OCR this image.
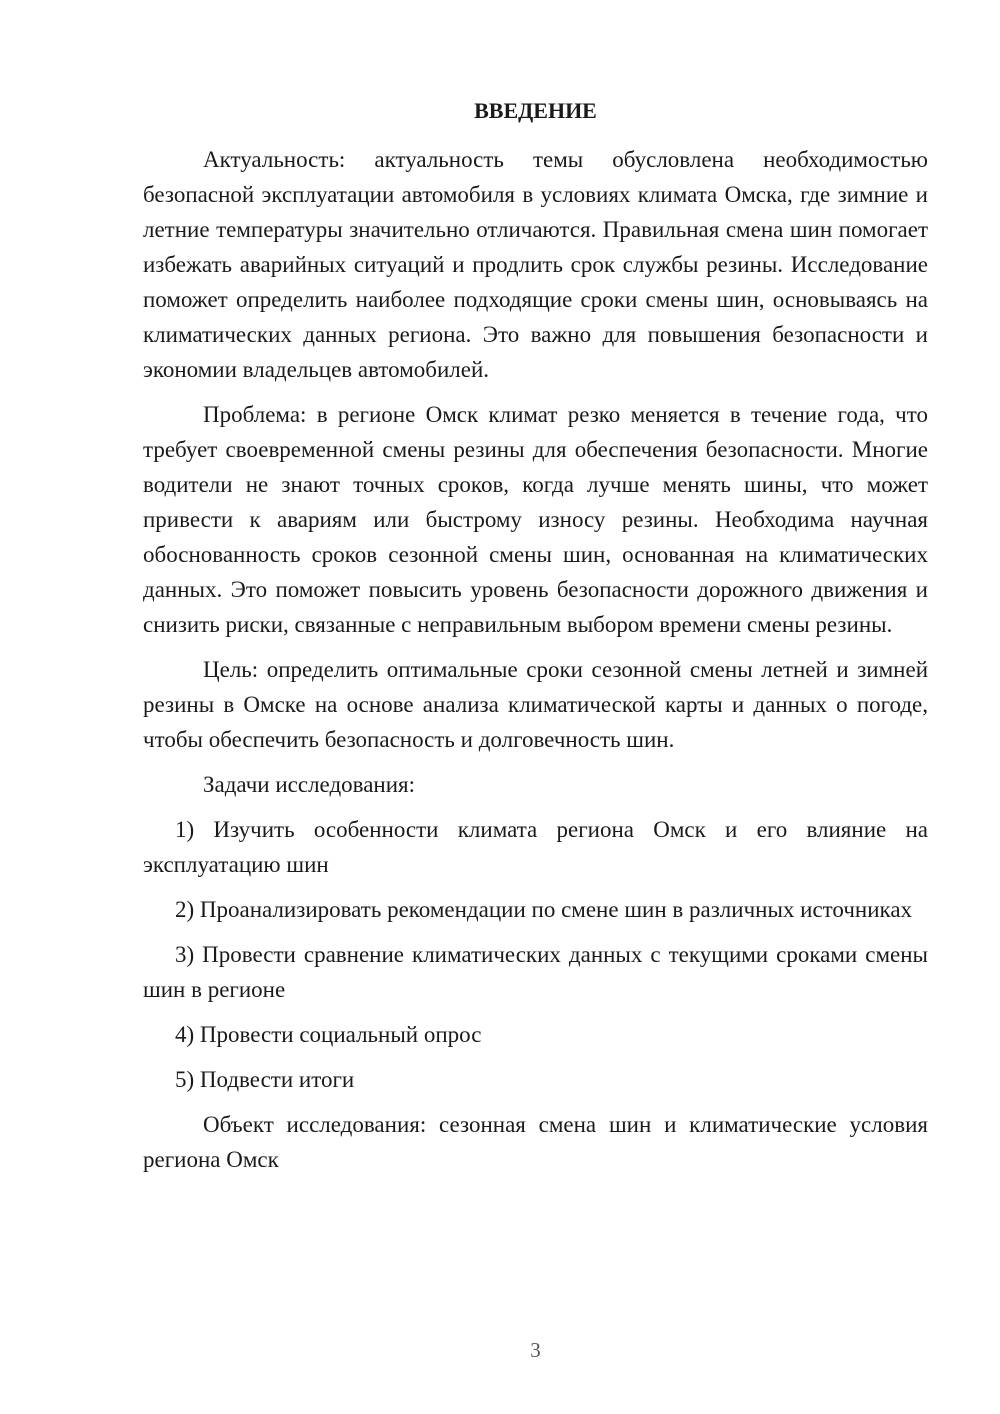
ВВЕДЕНИЕ

Актуальность: актуальность темы обусловлена необходимостью безопасной эксплуатации автомобиля в условиях климата Омска, где зимние и летние температуры значительно отличаются. Правильная смена шин помогает избежать аварийных ситуаций и продлить срок службы резины. Исследование поможет определить наиболее подходящие сроки смены шин, основываясь на климатических данных региона. Это важно для повышения безопасности и экономии владельцев автомобилей.

Проблема: в регионе Омск климат резко меняется в течение года, что требует своевременной смены резины для обеспечения безопасности. Многие водители не знают точных сроков, когда лучше менять шины, что может привести к авариям или быстрому износу резины. Необходима научная обоснованность сроков сезонной смены шин, основанная на климатических данных. Это поможет повысить уровень безопасности дорожного движения и снизить риски, связанные с неправильным выбором времени смены резины.

Цель: определить оптимальные сроки сезонной смены летней и зимней резины в Омске на основе анализа климатической карты и данных о погоде, чтобы обеспечить безопасность и долговечность шин.

Задачи исследования:

1) Изучить особенности климата региона Омск и его влияние на эксплуатацию шин

2) Проанализировать рекомендации по смене шин в различных источниках

3) Провести сравнение климатических данных с текущими сроками смены шин в регионе

4) Провести социальный опрос

5) Подвести итоги

Объект исследования: сезонная смена шин и климатические условия региона Омск

3
